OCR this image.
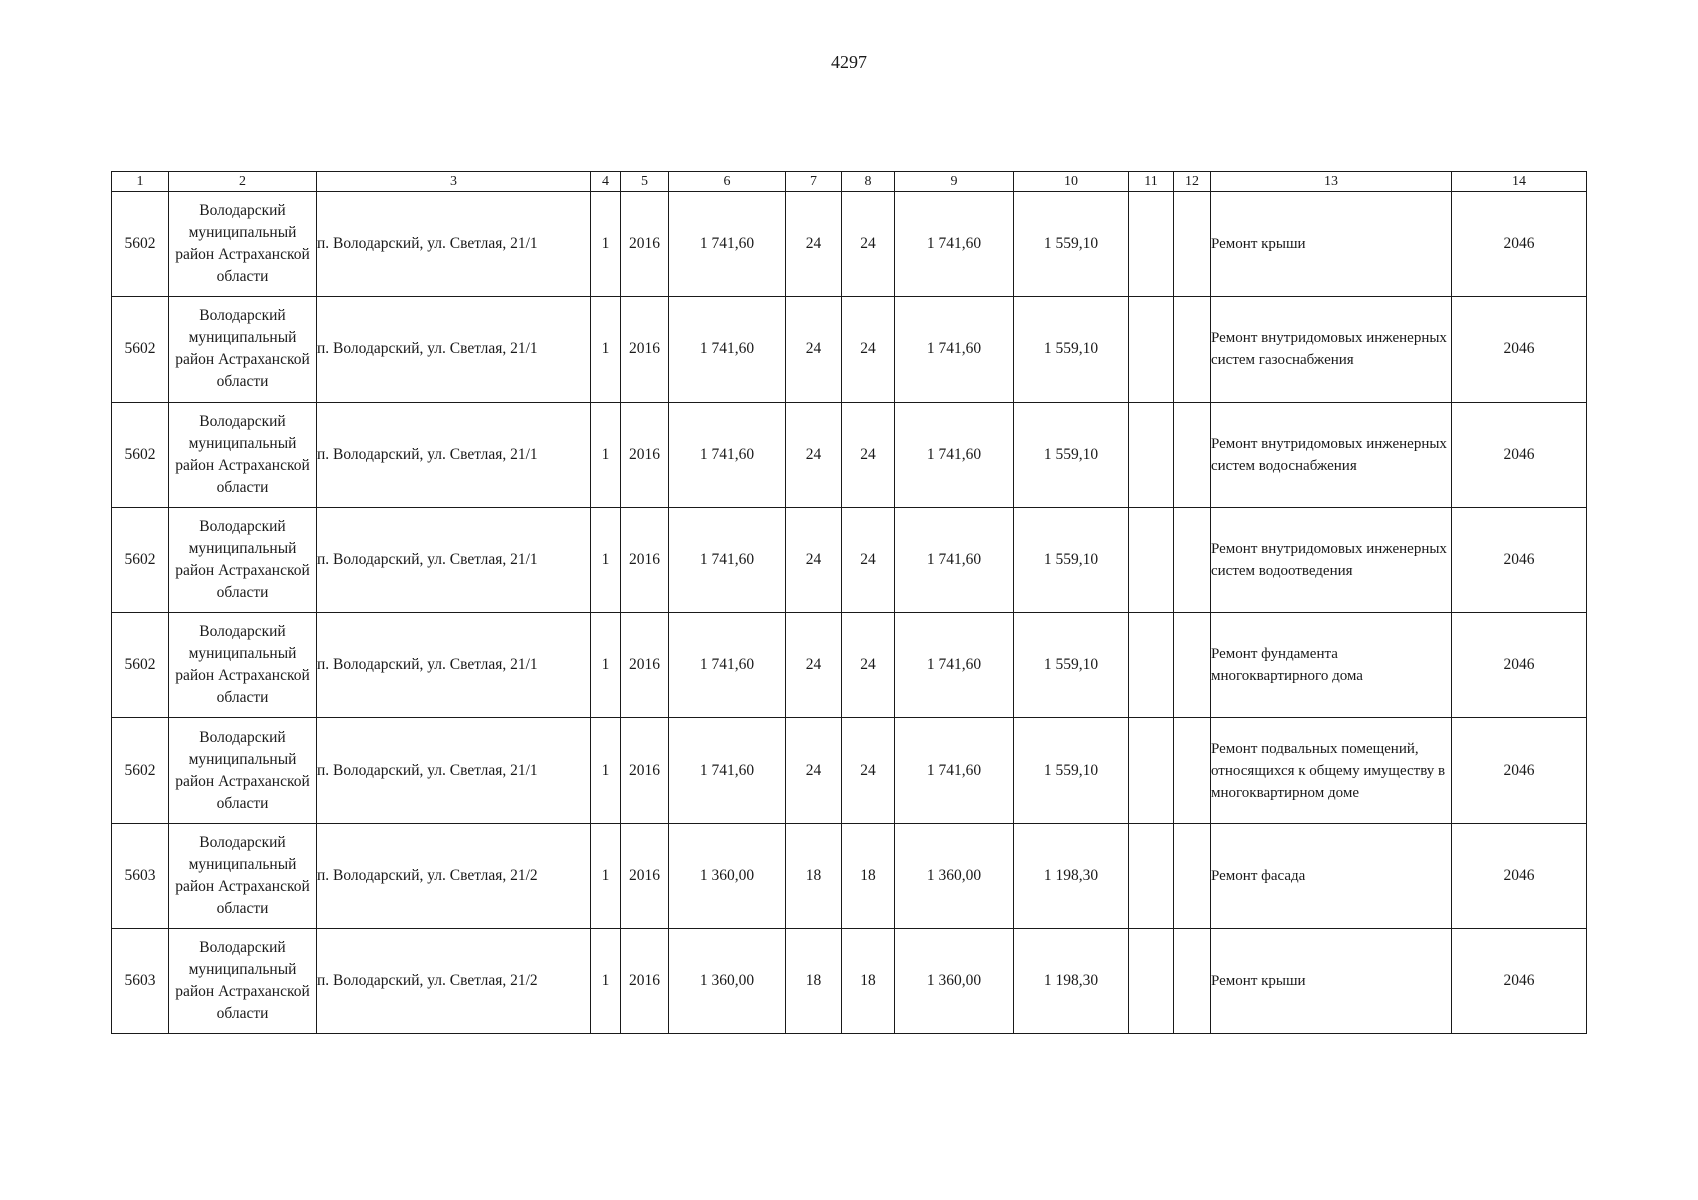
4297
1	2	3	4	5	6	7	8	9	10	11	12	13	14
5602	Володарский муниципальный район Астраханской области	п. Володарский, ул. Светлая, 21/1	1	2016	1 741,60	24	24	1 741,60	1 559,10			Ремонт крыши	2046
5602	Володарский муниципальный район Астраханской области	п. Володарский, ул. Светлая, 21/1	1	2016	1 741,60	24	24	1 741,60	1 559,10			Ремонт внутридомовых инженерных систем газоснабжения	2046
5602	Володарский муниципальный район Астраханской области	п. Володарский, ул. Светлая, 21/1	1	2016	1 741,60	24	24	1 741,60	1 559,10			Ремонт внутридомовых инженерных систем водоснабжения	2046
5602	Володарский муниципальный район Астраханской области	п. Володарский, ул. Светлая, 21/1	1	2016	1 741,60	24	24	1 741,60	1 559,10			Ремонт внутридомовых инженерных систем водоотведения	2046
5602	Володарский муниципальный район Астраханской области	п. Володарский, ул. Светлая, 21/1	1	2016	1 741,60	24	24	1 741,60	1 559,10			Ремонт фундамента многоквартирного дома	2046
5602	Володарский муниципальный район Астраханской области	п. Володарский, ул. Светлая, 21/1	1	2016	1 741,60	24	24	1 741,60	1 559,10			Ремонт подвальных помещений, относящихся к общему имуществу в многоквартирном доме	2046
5603	Володарский муниципальный район Астраханской области	п. Володарский, ул. Светлая, 21/2	1	2016	1 360,00	18	18	1 360,00	1 198,30			Ремонт фасада	2046
5603	Володарский муниципальный район Астраханской области	п. Володарский, ул. Светлая, 21/2	1	2016	1 360,00	18	18	1 360,00	1 198,30			Ремонт крыши	2046
